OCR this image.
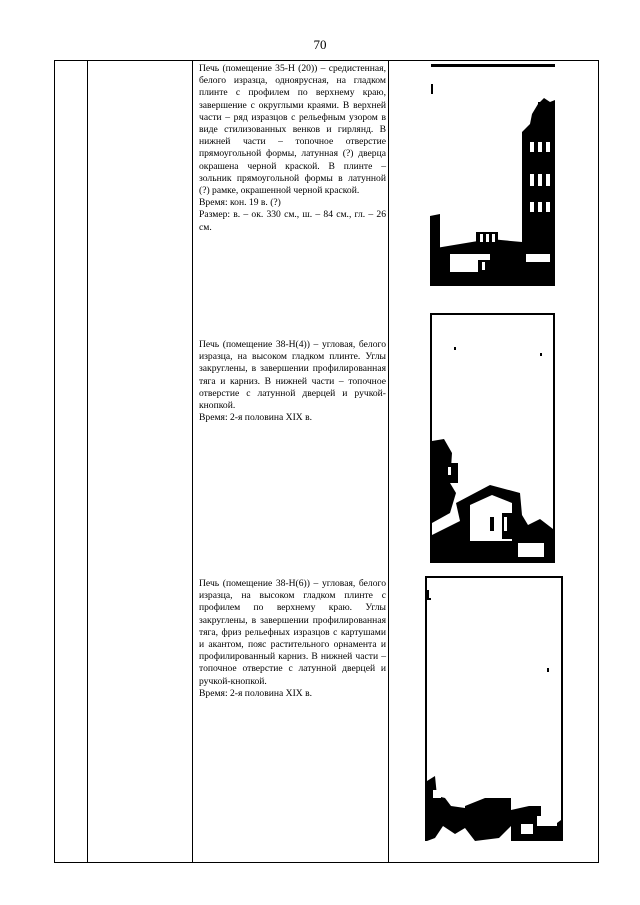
70

Печь (помещение 35-Н (20)) – средистенная, белого изразца, одноярусная, на гладком плинте с профилем по верхнему краю, завершение с округлыми краями. В верхней части – ряд изразцов с рельефным узором в виде стилизованных венков и гирлянд. В нижней части – топочное отверстие прямоугольной формы, латунная (?) дверца окрашена черной краской. В плинте – зольник прямоугольной формы в латунной (?) рамке, окрашенной черной краской.

Время: кон. 19 в. (?)

Размер: в. – ок. 330 см., ш. – 84 см., гл. – 26 см.

Печь (помещение 38-Н(4)) – угловая, белого изразца, на высоком гладком плинте. Углы закруглены, в завершении профилированная тяга и карниз. В нижней части – топочное отверстие с латунной дверцей и ручкой-кнопкой.

Время: 2-я половина XIX в.

Печь (помещение 38-Н(6)) – угловая, белого изразца, на высоком гладком плинте с профилем по верхнему краю. Углы закруглены, в завершении профилированная тяга, фриз рельефных изразцов с картушами и акантом, пояс растительного орнамента и профилированный карниз. В нижней части – топочное отверстие с латунной дверцей и ручкой-кнопкой.

Время: 2-я половина XIX в.
